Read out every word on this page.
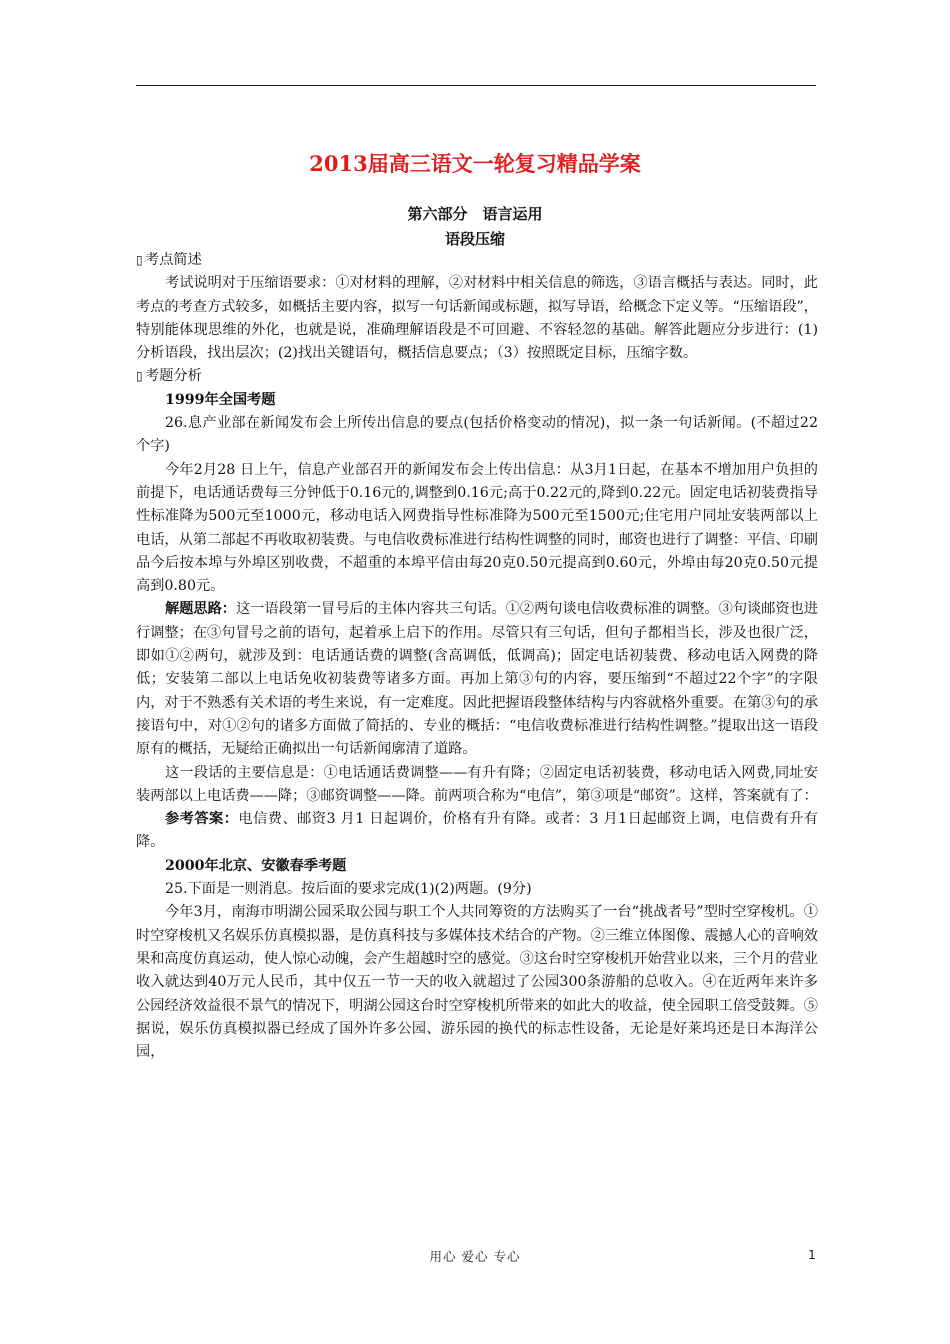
2013届高三语文一轮复习精品学案
第六部分　语言运用
语段压缩

▯ 考点简述

考试说明对于压缩语要求：①对材料的理解，②对材料中相关信息的筛选，③语言概括与表达。同时，此考点的考查方式较多，如概括主要内容，拟写一句话新闻或标题，拟写导语，给概念下定义等。“压缩语段”，特别能体现思维的外化，也就是说，准确理解语段是不可回避、不容轻忽的基础。解答此题应分步进行：(1)分析语段，找出层次；(2)找出关键语句，概括信息要点；（3）按照既定目标，压缩字数。

▯ 考题分析

1999年全国考题

26.息产业部在新闻发布会上所传出信息的要点(包括价格变动的情况)，拟一条一句话新闻。(不超过22个字)

今年2月28 日上午，信息产业部召开的新闻发布会上传出信息：从3月1日起，在基本不增加用户负担的前提下，电话通话费每三分钟低于0.16元的,调整到0.16元;高于0.22元的,降到0.22元。固定电话初装费指导性标准降为500元至1000元，移动电话入网费指导性标准降为500元至1500元;住宅用户同址安装两部以上电话，从第二部起不再收取初装费。与电信收费标准进行结构性调整的同时，邮资也进行了调整：平信、印刷品今后按本埠与外埠区别收费，不超重的本埠平信由每20克0.50元提高到0.60元，外埠由每20克0.50元提高到0.80元。

解题思路：这一语段第一冒号后的主体内容共三句话。①②两句谈电信收费标准的调整。③句谈邮资也进行调整；在③句冒号之前的语句，起着承上启下的作用。尽管只有三句话，但句子都相当长，涉及也很广泛，即如①②两句，就涉及到：电话通话费的调整(含高调低，低调高)；固定电话初装费、移动电话入网费的降低；安装第二部以上电话免收初装费等诸多方面。再加上第③句的内容，要压缩到“不超过22个字”的字限内，对于不熟悉有关术语的考生来说，有一定难度。因此把握语段整体结构与内容就格外重要。在第③句的承接语句中，对①②句的诸多方面做了简括的、专业的概括：“电信收费标准进行结构性调整。”提取出这一语段原有的概括，无疑给正确拟出一句话新闻廓清了道路。

这一段话的主要信息是：①电话通话费调整——有升有降；②固定电话初装费，移动电话入网费,同址安装两部以上电话费——降；③邮资调整——降。前两项合称为“电信”，第③项是“邮资”。这样，答案就有了：

参考答案：电信费、邮资3 月1 日起调价，价格有升有降。或者：3 月1日起邮资上调，电信费有升有降。

2000年北京、安徽春季考题

25.下面是一则消息。按后面的要求完成(1)(2)两题。(9分)

今年3月，南海市明湖公园采取公园与职工个人共同筹资的方法购买了一台“挑战者号”型时空穿梭机。①时空穿梭机又名娱乐仿真模拟器，是仿真科技与多媒体技术结合的产物。②三维立体图像、震撼人心的音响效果和高度仿真运动，使人惊心动魄，会产生超越时空的感觉。③这台时空穿梭机开始营业以来，三个月的营业收入就达到40万元人民币，其中仅五一节一天的收入就超过了公园300条游船的总收入。④在近两年来许多公园经济效益很不景气的情况下，明湖公园这台时空穿梭机所带来的如此大的收益，使全园职工倍受鼓舞。⑤据说，娱乐仿真模拟器已经成了国外许多公园、游乐园的换代的标志性设备，无论是好莱坞还是日本海洋公园，

用心 爱心 专心	1
